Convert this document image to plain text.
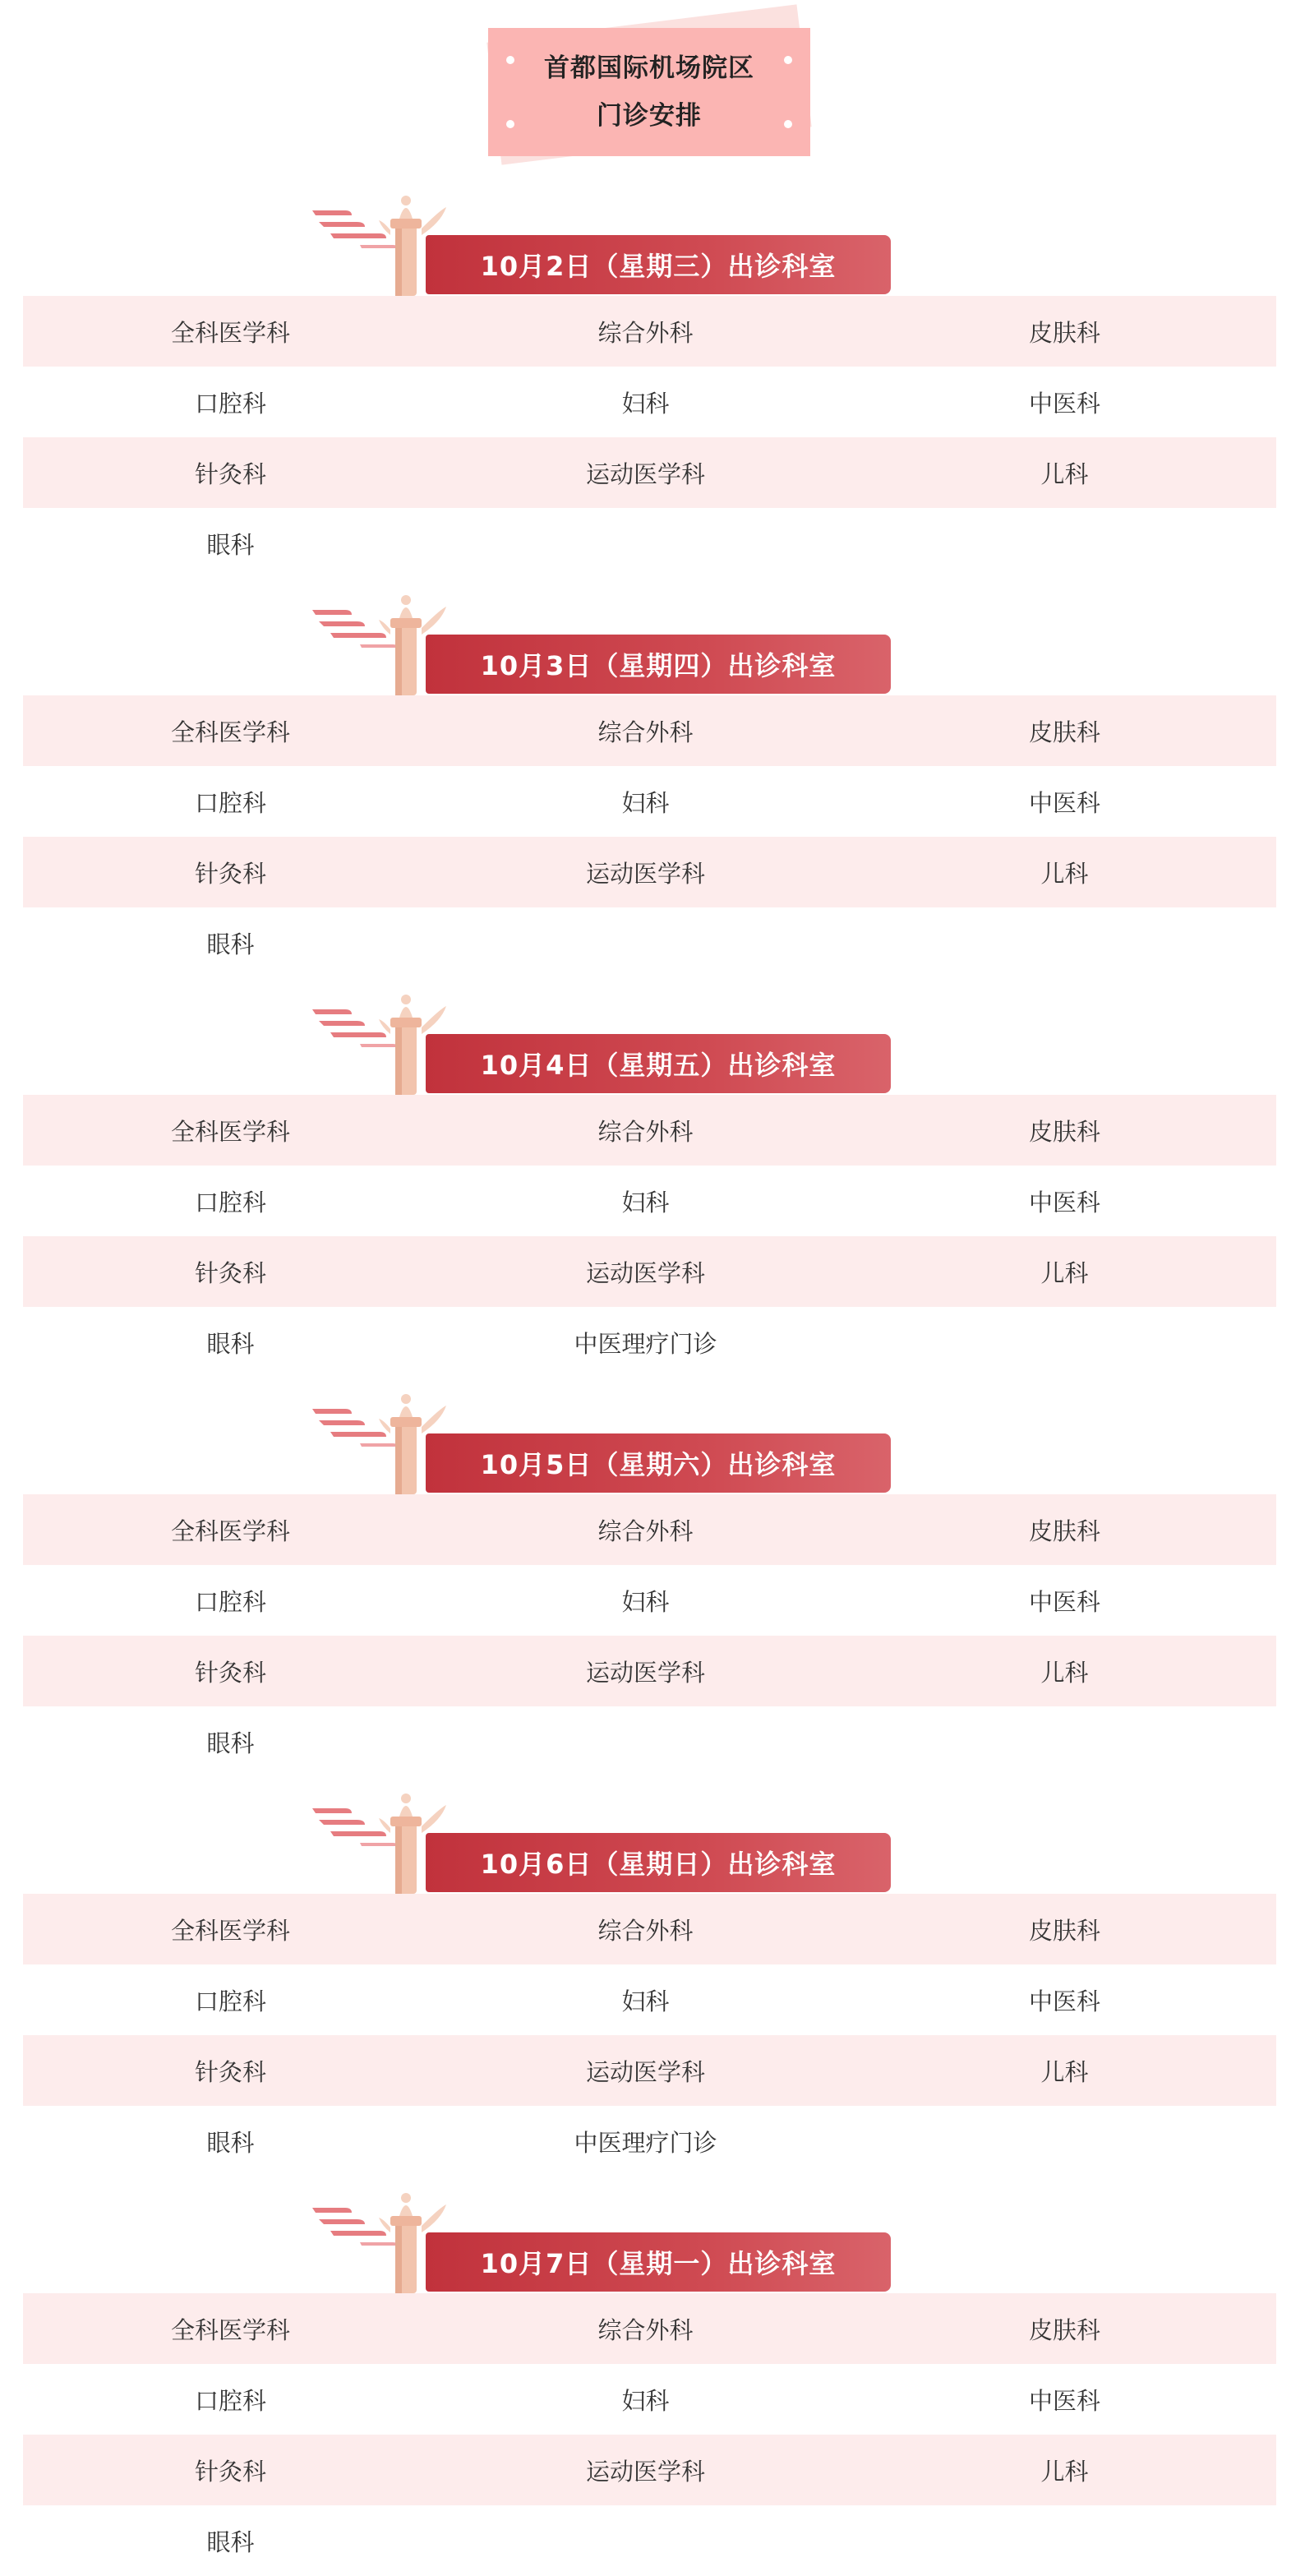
首都国际机场院区
门诊安排
10月2日（星期三）出诊科室
全科医学科	综合外科	皮肤科
口腔科	妇科	中医科
针灸科	运动医学科	儿科
眼科
10月3日（星期四）出诊科室
全科医学科	综合外科	皮肤科
口腔科	妇科	中医科
针灸科	运动医学科	儿科
眼科
10月4日（星期五）出诊科室
全科医学科	综合外科	皮肤科
口腔科	妇科	中医科
针灸科	运动医学科	儿科
眼科	中医理疗门诊
10月5日（星期六）出诊科室
全科医学科	综合外科	皮肤科
口腔科	妇科	中医科
针灸科	运动医学科	儿科
眼科
10月6日（星期日）出诊科室
全科医学科	综合外科	皮肤科
口腔科	妇科	中医科
针灸科	运动医学科	儿科
眼科	中医理疗门诊
10月7日（星期一）出诊科室
全科医学科	综合外科	皮肤科
口腔科	妇科	中医科
针灸科	运动医学科	儿科
眼科
